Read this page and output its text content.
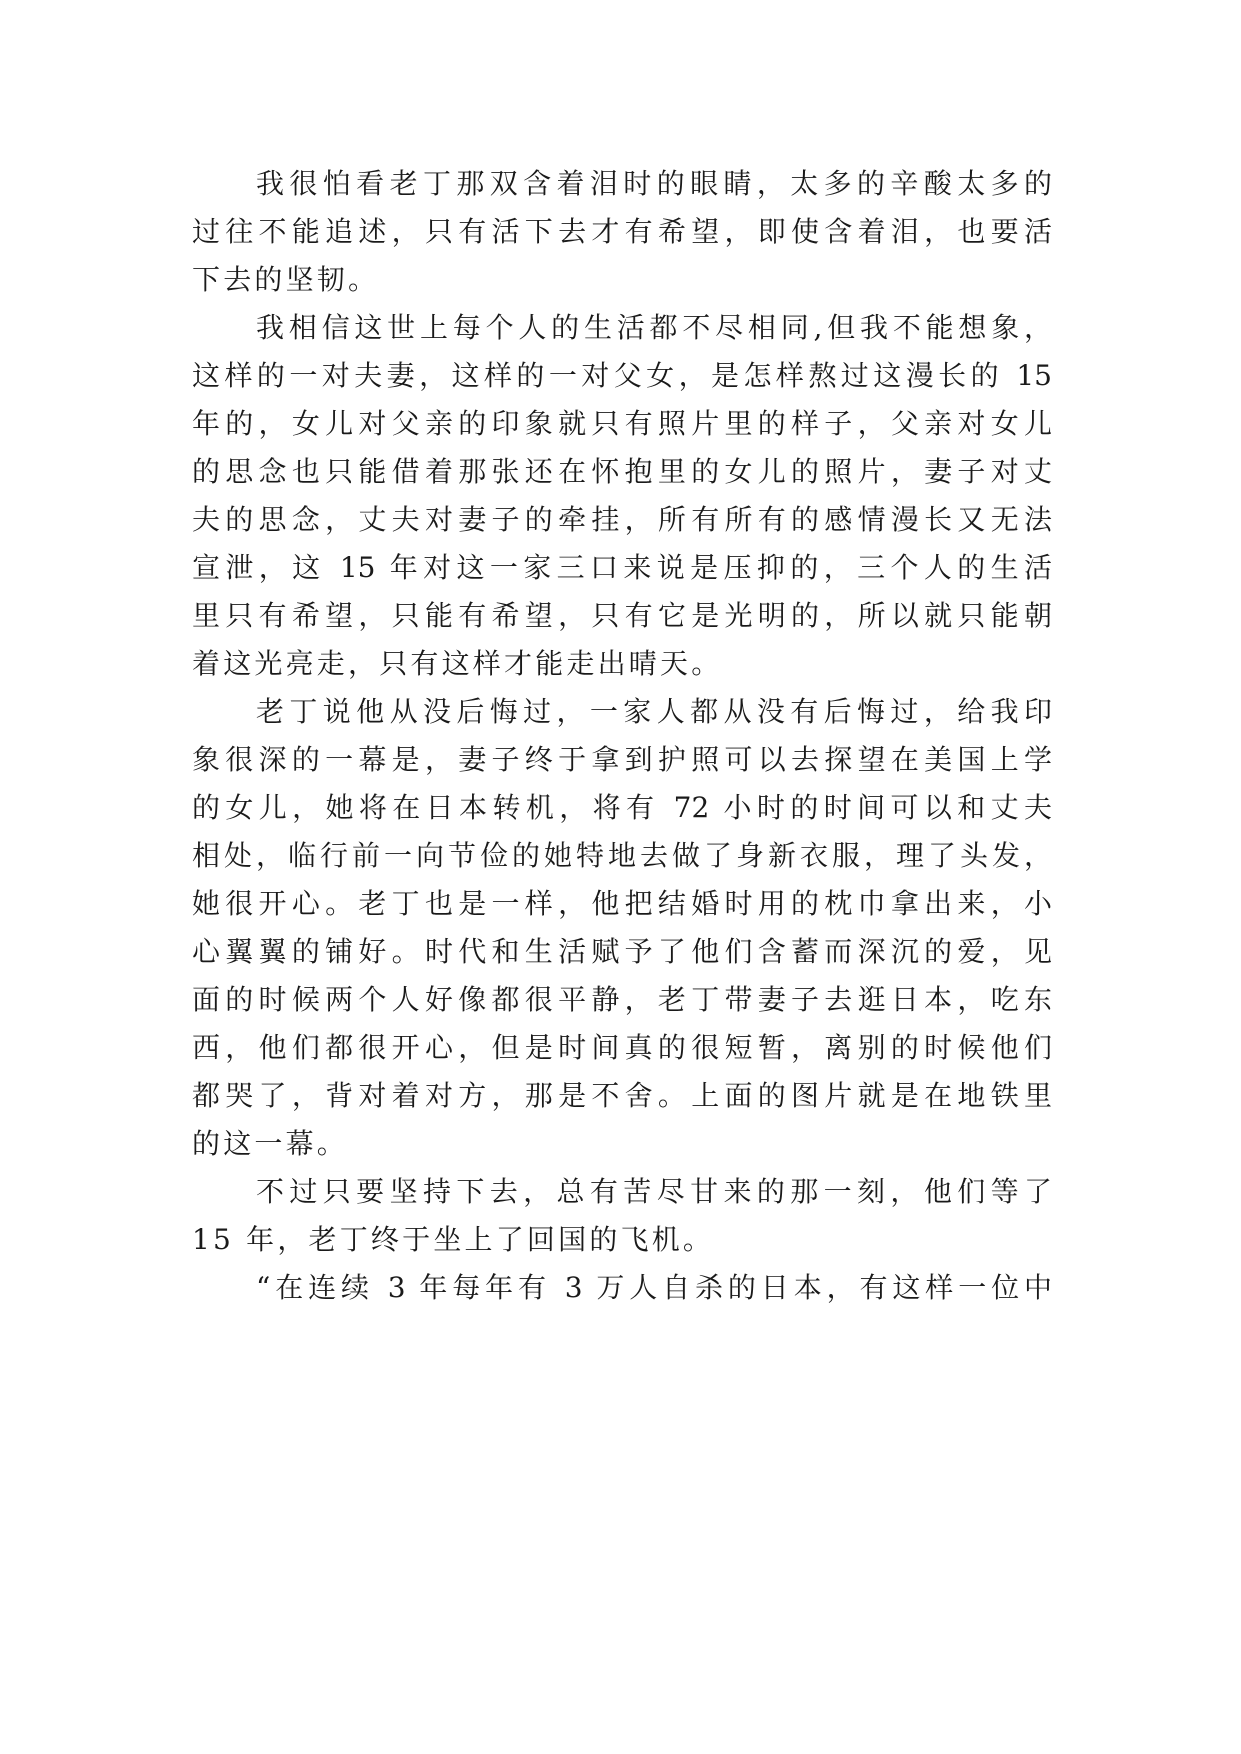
我很怕看老丁那双含着泪时的眼睛，太多的辛酸太多的
过往不能追述，只有活下去才有希望，即使含着泪，也要活
下去的坚韧。
我相信这世上每个人的生活都不尽相同,但我不能想象，
这样的一对夫妻，这样的一对父女，是怎样熬过这漫长的 15
年的，女儿对父亲的印象就只有照片里的样子，父亲对女儿
的思念也只能借着那张还在怀抱里的女儿的照片，妻子对丈
夫的思念，丈夫对妻子的牵挂，所有所有的感情漫长又无法
宣泄，这 15 年对这一家三口来说是压抑的，三个人的生活
里只有希望，只能有希望，只有它是光明的，所以就只能朝
着这光亮走，只有这样才能走出晴天。
老丁说他从没后悔过，一家人都从没有后悔过，给我印
象很深的一幕是，妻子终于拿到护照可以去探望在美国上学
的女儿，她将在日本转机，将有 72 小时的时间可以和丈夫
相处，临行前一向节俭的她特地去做了身新衣服，理了头发，
她很开心。老丁也是一样，他把结婚时用的枕巾拿出来，小
心翼翼的铺好。时代和生活赋予了他们含蓄而深沉的爱，见
面的时候两个人好像都很平静，老丁带妻子去逛日本，吃东
西，他们都很开心，但是时间真的很短暂，离别的时候他们
都哭了，背对着对方，那是不舍。上面的图片就是在地铁里
的这一幕。
不过只要坚持下去，总有苦尽甘来的那一刻，他们等了
15 年，老丁终于坐上了回国的飞机。
“在连续 3 年每年有 3 万人自杀的日本，有这样一位中
